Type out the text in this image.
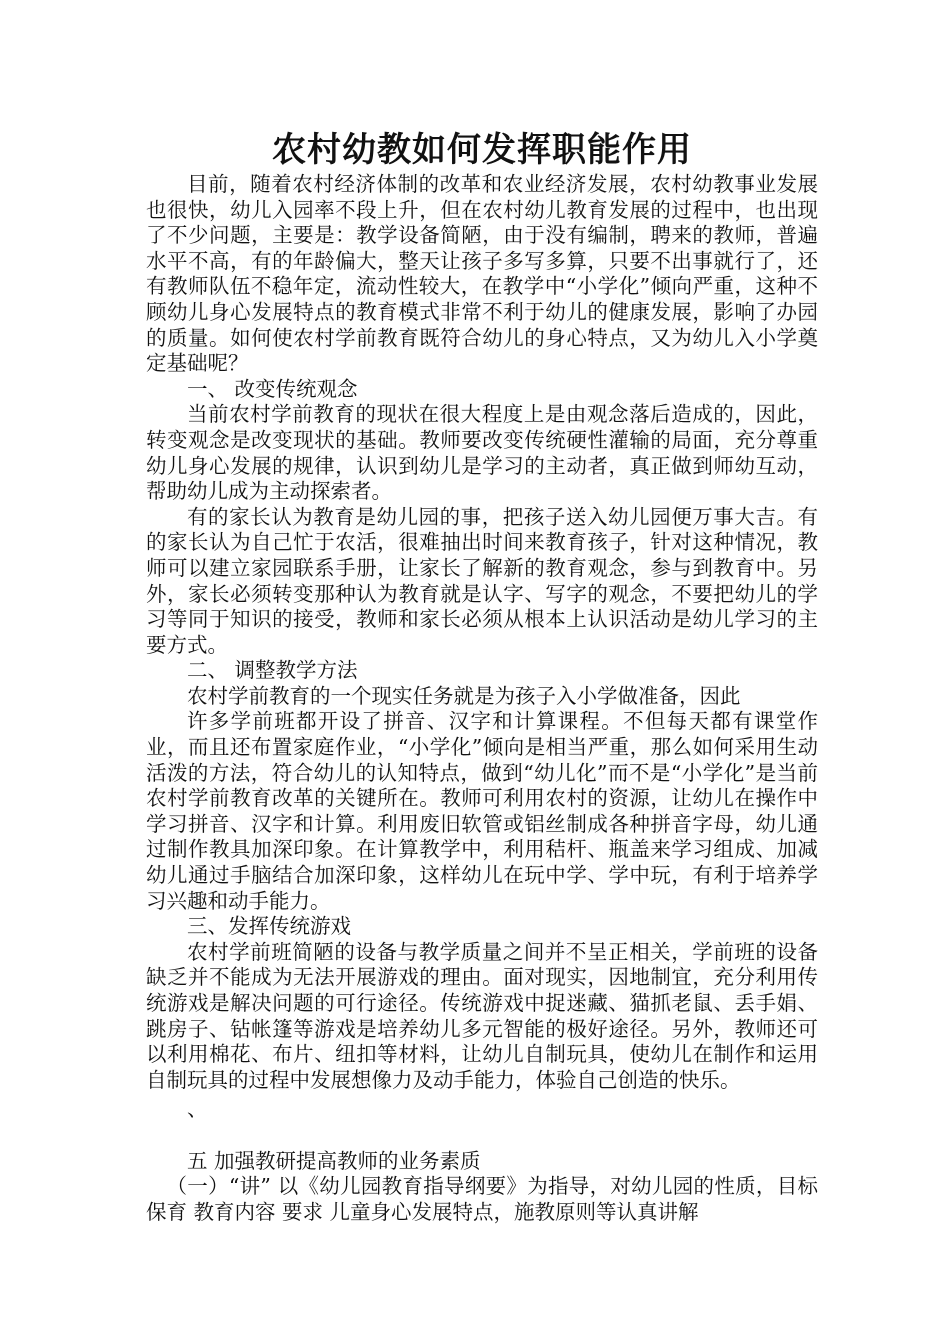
农村幼教如何发挥职能作用

目前，随着农村经济体制的改革和农业经济发展，农村幼教事业发展也很快，幼儿入园率不段上升，但在农村幼儿教育发展的过程中，也出现了不少问题，主要是：教学设备简陋，由于没有编制，聘来的教师，普遍水平不高，有的年龄偏大，整天让孩子多写多算，只要不出事就行了，还有教师队伍不稳年定，流动性较大，在教学中“小学化”倾向严重，这种不顾幼儿身心发展特点的教育模式非常不利于幼儿的健康发展，影响了办园的质量。如何使农村学前教育既符合幼儿的身心特点，又为幼儿入小学奠定基础呢？

一、 改变传统观念

当前农村学前教育的现状在很大程度上是由观念落后造成的，因此，转变观念是改变现状的基础。教师要改变传统硬性灌输的局面，充分尊重幼儿身心发展的规律，认识到幼儿是学习的主动者，真正做到师幼互动，帮助幼儿成为主动探索者。

有的家长认为教育是幼儿园的事，把孩子送入幼儿园便万事大吉。有的家长认为自己忙于农活，很难抽出时间来教育孩子，针对这种情况，教师可以建立家园联系手册，让家长了解新的教育观念，参与到教育中。另外，家长必须转变那种认为教育就是认字、写字的观念，不要把幼儿的学习等同于知识的接受，教师和家长必须从根本上认识活动是幼儿学习的主要方式。

二、 调整教学方法

农村学前教育的一个现实任务就是为孩子入小学做准备，因此

许多学前班都开设了拼音、汉字和计算课程。不但每天都有课堂作业，而且还布置家庭作业，“小学化”倾向是相当严重，那么如何采用生动活泼的方法，符合幼儿的认知特点，做到“幼儿化”而不是“小学化”是当前农村学前教育改革的关键所在。教师可利用农村的资源，让幼儿在操作中学习拼音、汉字和计算。利用废旧软管或铝丝制成各种拼音字母，幼儿通过制作教具加深印象。在计算教学中，利用秸杆、瓶盖来学习组成、加减幼儿通过手脑结合加深印象，这样幼儿在玩中学、学中玩，有利于培养学习兴趣和动手能力。

三、发挥传统游戏

农村学前班简陋的设备与教学质量之间并不呈正相关，学前班的设备缺乏并不能成为无法开展游戏的理由。面对现实，因地制宜，充分利用传统游戏是解决问题的可行途径。传统游戏中捉迷藏、猫抓老鼠、丢手娟、跳房子、钻帐篷等游戏是培养幼儿多元智能的极好途径。另外，教师还可以利用棉花、布片、纽扣等材料，让幼儿自制玩具，使幼儿在制作和运用自制玩具的过程中发展想像力及动手能力，体验自己创造的快乐。

、

五 加强教研提高教师的业务素质

（一）“讲” 以《幼儿园教育指导纲要》为指导，对幼儿园的性质，目标 保育 教育内容 要求 儿童身心发展特点，施教原则等认真讲解
